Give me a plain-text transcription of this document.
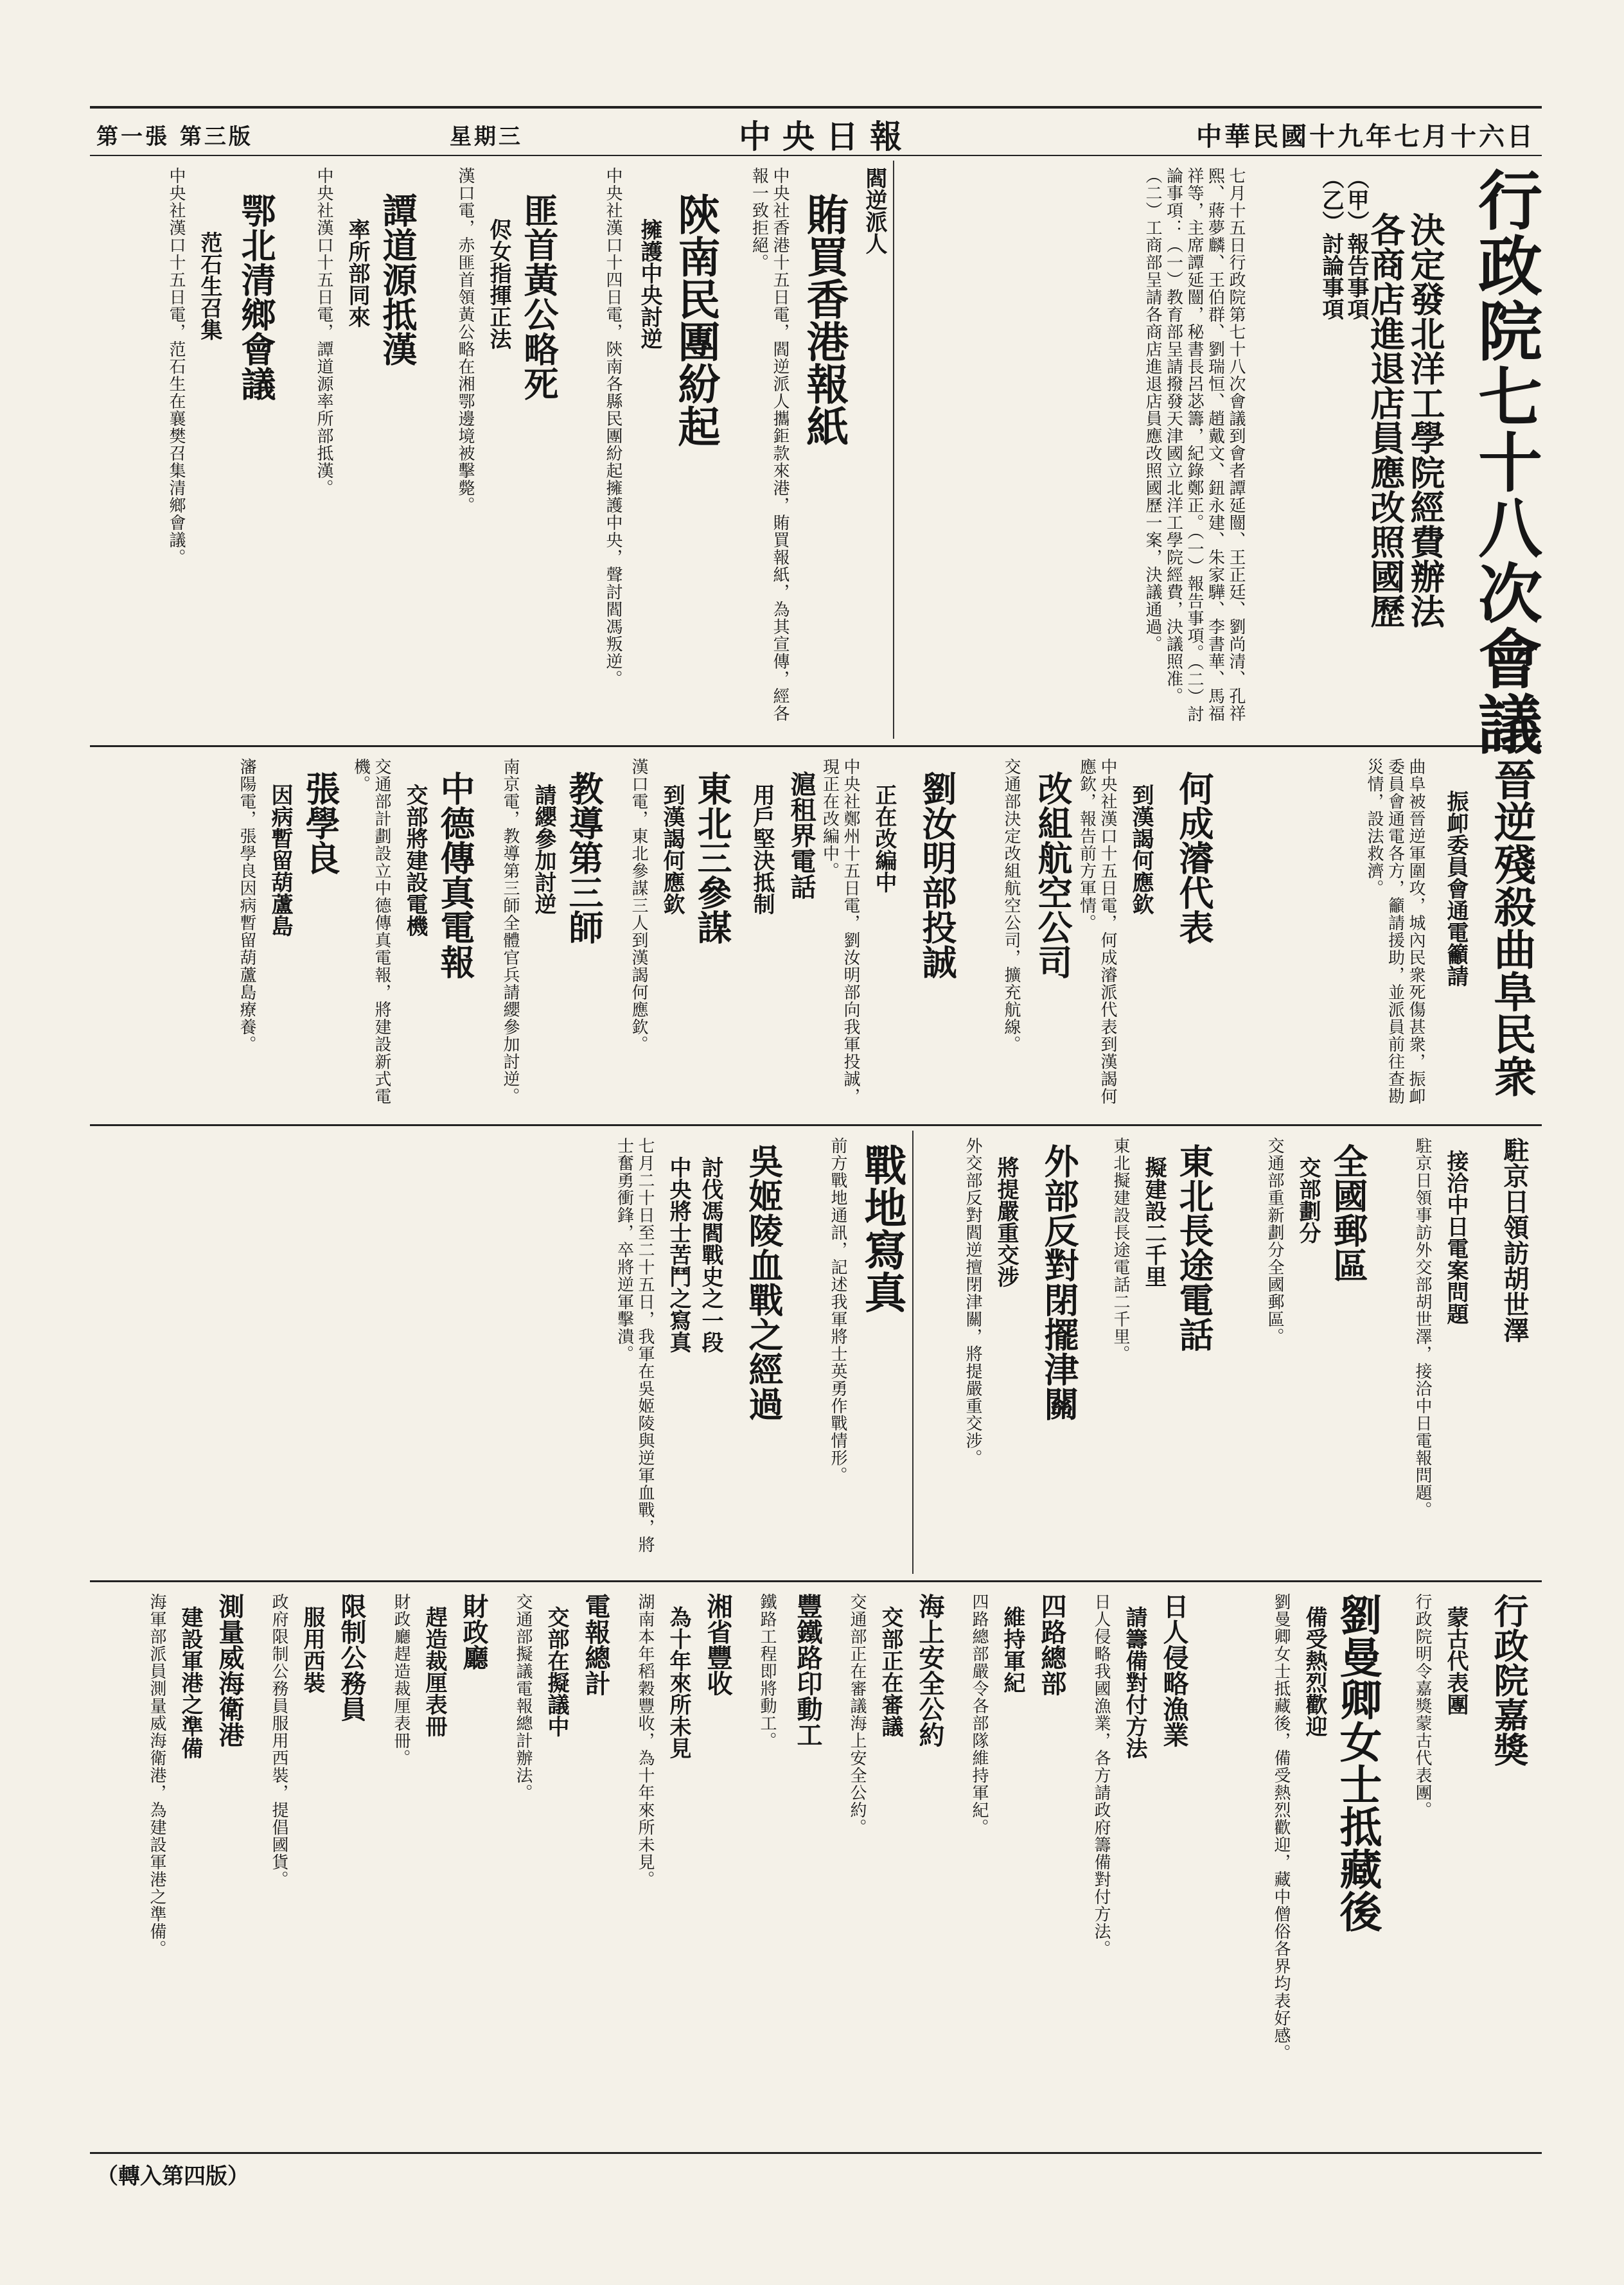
中華民國十九年七月十六日
中央日報
星期三
第一張 第三版
行政院七十八次會議
決定發北洋工學院經費辦法
各商店進退店員應改照國歷
（甲）報告事項
（乙）討論事項
七月十五日行政院第七十八次會議到會者譚延闓、王正廷、劉尚清、孔祥熙、蔣夢麟、王伯群、劉瑞恒、趙戴文、鈕永建、朱家驊、李書華、馬福祥等，主席譚延闓，秘書長呂苾籌，紀錄鄭正。（一）報告事項。（二）討論事項：（一）教育部呈請撥發天津國立北洋工學院經費，決議照准。（二）工商部呈請各商店進退店員應改照國歷一案，決議通過。
閻逆派人
賄買香港報紙
中央社香港十五日電，閻逆派人攜鉅款來港，賄買報紙，為其宣傳，經各報一致拒絕。
陝南民團紛起
擁護中央討逆
中央社漢口十四日電，陝南各縣民團紛起擁護中央，聲討閻馮叛逆。
匪首黃公略死
侭女指揮正法
漢口電，赤匪首領黃公略在湘鄂邊境被擊斃。
譚道源抵漢
率所部同來
中央社漢口十五日電，譚道源率所部抵漢。
鄂北清鄉會議
范石生召集
中央社漢口十五日電，范石生在襄樊召集清鄉會議。
晉逆殘殺曲阜民衆
振卹委員會通電籲請
曲阜被晉逆軍圍攻，城內民衆死傷甚衆，振卹委員會通電各方，籲請援助，並派員前往查勘災情，設法救濟。
何成濬代表
到漢謁何應欽
中央社漢口十五日電，何成濬派代表到漢謁何應欽，報告前方軍情。
改組航空公司
交通部決定改組航空公司，擴充航線。
劉汝明部投誠
正在改編中
中央社鄭州十五日電，劉汝明部向我軍投誠，現正在改編中。
滬租界電話
用戶堅決抵制
東北三參謀
到漢謁何應欽
漢口電，東北參謀三人到漢謁何應欽。
教導第三師
請纓參加討逆
南京電，教導第三師全體官兵請纓參加討逆。
中德傳真電報
交部將建設電機
交通部計劃設立中德傳真電報，將建設新式電機。
張學良
因病暫留葫蘆島
瀋陽電，張學良因病暫留葫蘆島療養。
駐京日領訪胡世澤
接洽中日電案問題
駐京日領事訪外交部胡世澤，接洽中日電報問題。
全國郵區
交部劃分
交通部重新劃分全國郵區。
東北長途電話
擬建設二千里
東北擬建設長途電話二千里。
外部反對閉擺津關
將提嚴重交涉
外交部反對閻逆擅閉津關，將提嚴重交涉。
戰地寫真
前方戰地通訊，記述我軍將士英勇作戰情形。
吳姬陵血戰之經過
討伐馮閻戰史之一段
中央將士苦鬥之寫真
七月二十日至二十五日，我軍在吳姬陵與逆軍血戰，將士奮勇衝鋒，卒將逆軍擊潰。
行政院嘉獎
蒙古代表團
行政院明令嘉獎蒙古代表團。
劉曼卿女士抵藏後
備受熱烈歡迎
劉曼卿女士抵藏後，備受熱烈歡迎，藏中僧俗各界均表好感。
日人侵略漁業
請籌備對付方法
日人侵略我國漁業，各方請政府籌備對付方法。
四路總部
維持軍紀
四路總部嚴令各部隊維持軍紀。
海上安全公約
交部正在審議
交通部正在審議海上安全公約。
豐鐵路印動工
鐵路工程即將動工。
湘省豐收
為十年來所未見
湖南本年稻穀豐收，為十年來所未見。
電報總計
交部在擬議中
交通部擬議電報總計辦法。
財政廳
趕造裁厘表冊
財政廳趕造裁厘表冊。
限制公務員
服用西裝
政府限制公務員服用西裝，提倡國貨。
測量威海衛港
建設軍港之準備
海軍部派員測量威海衛港，為建設軍港之準備。
（轉入第四版）
